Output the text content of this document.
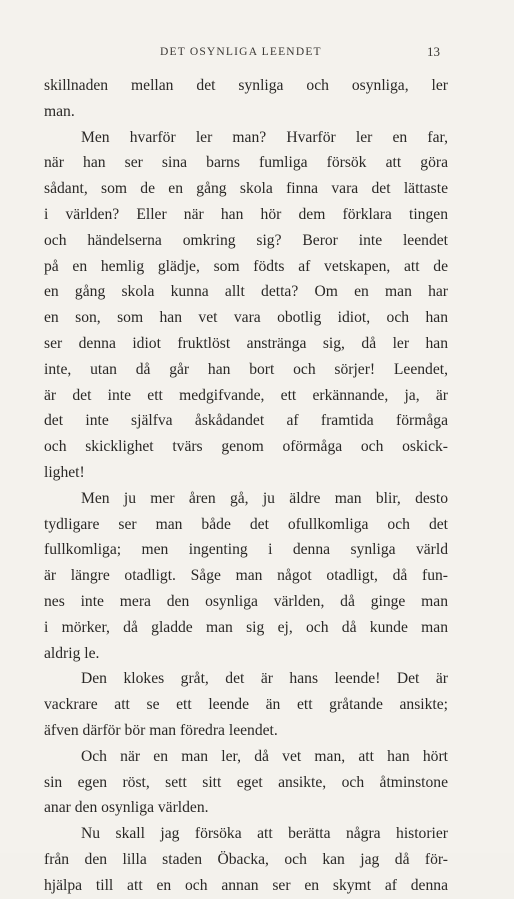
DET OSYNLIGA LEENDET	13
skillnaden mellan det synliga och osynliga, ler
man.
Men hvarför ler man? Hvarför ler en far,
när han ser sina barns fumliga försök att göra
sådant, som de en gång skola finna vara det lättaste
i världen? Eller när han hör dem förklara tingen
och händelserna omkring sig? Beror inte leendet
på en hemlig glädje, som födts af vetskapen, att de
en gång skola kunna allt detta? Om en man har
en son, som han vet vara obotlig idiot, och han
ser denna idiot fruktlöst anstränga sig, då ler han
inte, utan då går han bort och sörjer! Leendet,
är det inte ett medgifvande, ett erkännande, ja, är
det inte själfva åskådandet af framtida förmåga
och skicklighet tvärs genom oförmåga och oskick-
lighet!
Men ju mer åren gå, ju äldre man blir, desto
tydligare ser man både det ofullkomliga och det
fullkomliga; men ingenting i denna synliga värld
är längre otadligt. Såge man något otadligt, då fun-
nes inte mera den osynliga världen, då ginge man
i mörker, då gladde man sig ej, och då kunde man
aldrig le.
Den klokes gråt, det är hans leende! Det är
vackrare att se ett leende än ett gråtande ansikte;
äfven därför bör man föredra leendet.
Och när en man ler, då vet man, att han hört
sin egen röst, sett sitt eget ansikte, och åtminstone
anar den osynliga världen.
Nu skall jag försöka att berätta några historier
från den lilla staden Öbacka, och kan jag då för-
hjälpa till att en och annan ser en skymt af denna
